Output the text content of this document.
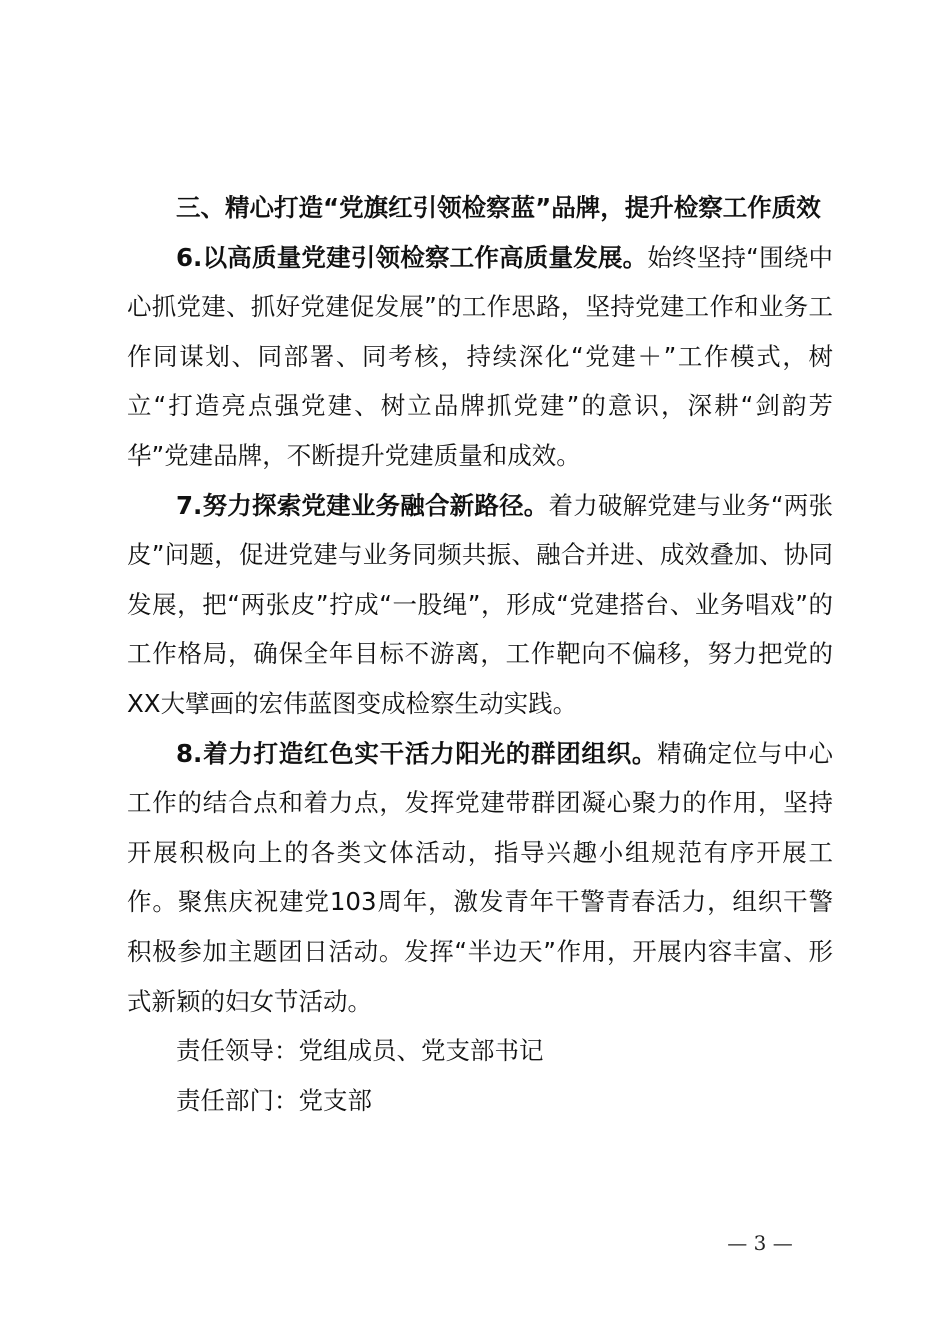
三、精心打造“党旗红引领检察蓝”品牌，提升检察工作质效

6.以高质量党建引领检察工作高质量发展。始终坚持“围绕中心抓党建、抓好党建促发展”的工作思路，坚持党建工作和业务工作同谋划、同部署、同考核，持续深化“党建＋”工作模式，树立“打造亮点强党建、树立品牌抓党建”的意识，深耕“剑韵芳华”党建品牌，不断提升党建质量和成效。

7.努力探索党建业务融合新路径。着力破解党建与业务“两张皮”问题，促进党建与业务同频共振、融合并进、成效叠加、协同发展，把“两张皮”拧成“一股绳”，形成“党建搭台、业务唱戏”的工作格局，确保全年目标不游离，工作靶向不偏移，努力把党的XX大擘画的宏伟蓝图变成检察生动实践。

8.着力打造红色实干活力阳光的群团组织。精确定位与中心工作的结合点和着力点，发挥党建带群团凝心聚力的作用，坚持开展积极向上的各类文体活动，指导兴趣小组规范有序开展工作。聚焦庆祝建党103周年，激发青年干警青春活力，组织干警积极参加主题团日活动。发挥“半边天”作用，开展内容丰富、形式新颖的妇女节活动。

责任领导：党组成员、党支部书记

责任部门：党支部

— 3 —
